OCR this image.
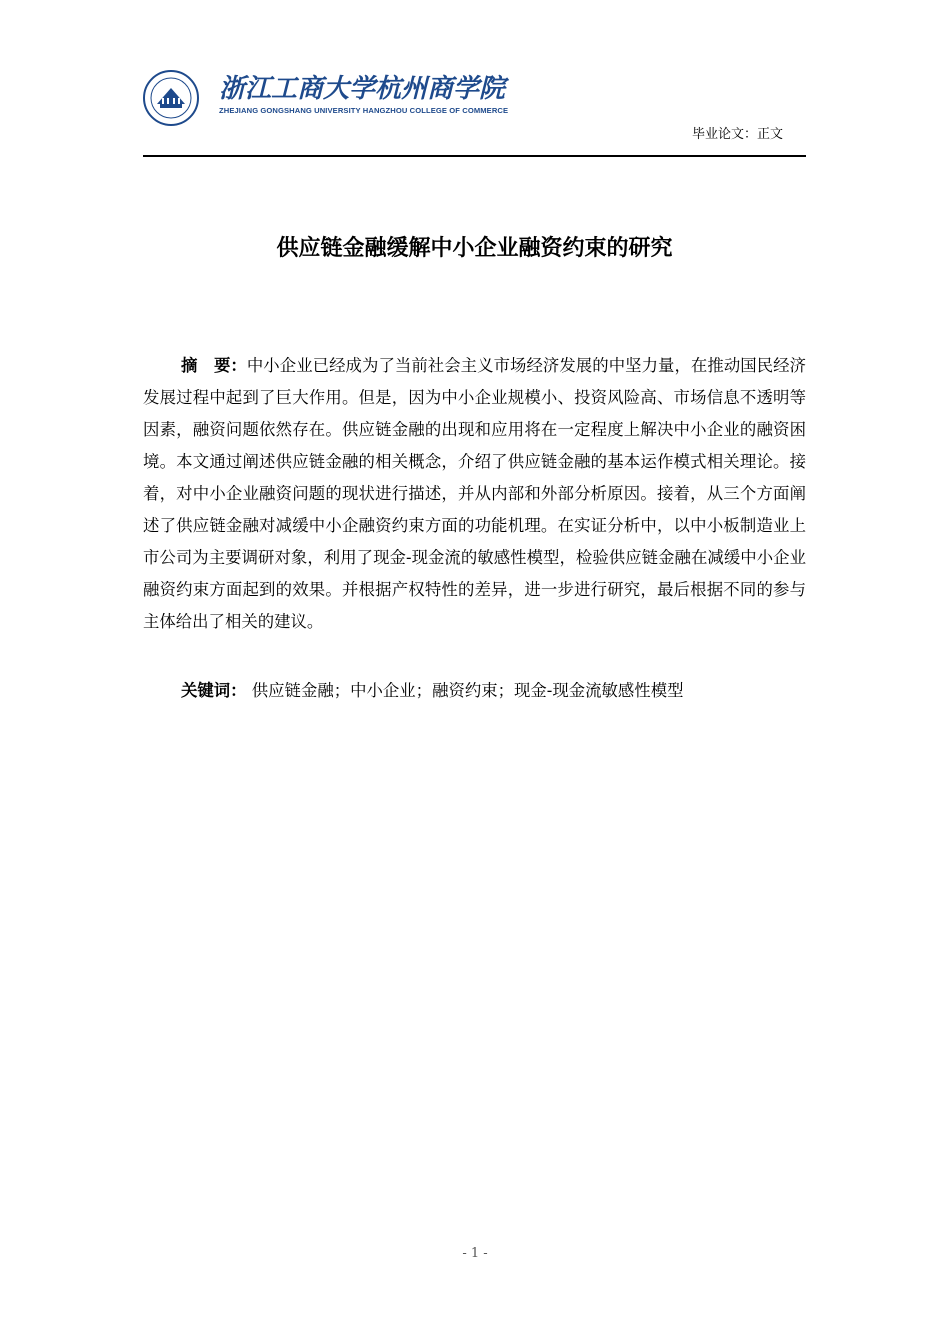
浙江工商大学杭州商学院
ZHEJIANG GONGSHANG UNIVERSITY HANGZHOU COLLEGE OF COMMERCE
毕业论文：正文
供应链金融缓解中小企业融资约束的研究
摘　要：中小企业已经成为了当前社会主义市场经济发展的中坚力量，在推动国民经济发展过程中起到了巨大作用。但是，因为中小企业规模小、投资风险高、市场信息不透明等因素，融资问题依然存在。供应链金融的出现和应用将在一定程度上解决中小企业的融资困境。本文通过阐述供应链金融的相关概念，介绍了供应链金融的基本运作模式相关理论。接着，对中小企业融资问题的现状进行描述，并从内部和外部分析原因。接着，从三个方面阐述了供应链金融对减缓中小企融资约束方面的功能机理。在实证分析中，以中小板制造业上市公司为主要调研对象，利用了现金-现金流的敏感性模型，检验供应链金融在减缓中小企业融资约束方面起到的效果。并根据产权特性的差异，进一步进行研究，最后根据不同的参与主体给出了相关的建议。
关键词： 供应链金融；中小企业；融资约束；现金-现金流敏感性模型
- 1 -
